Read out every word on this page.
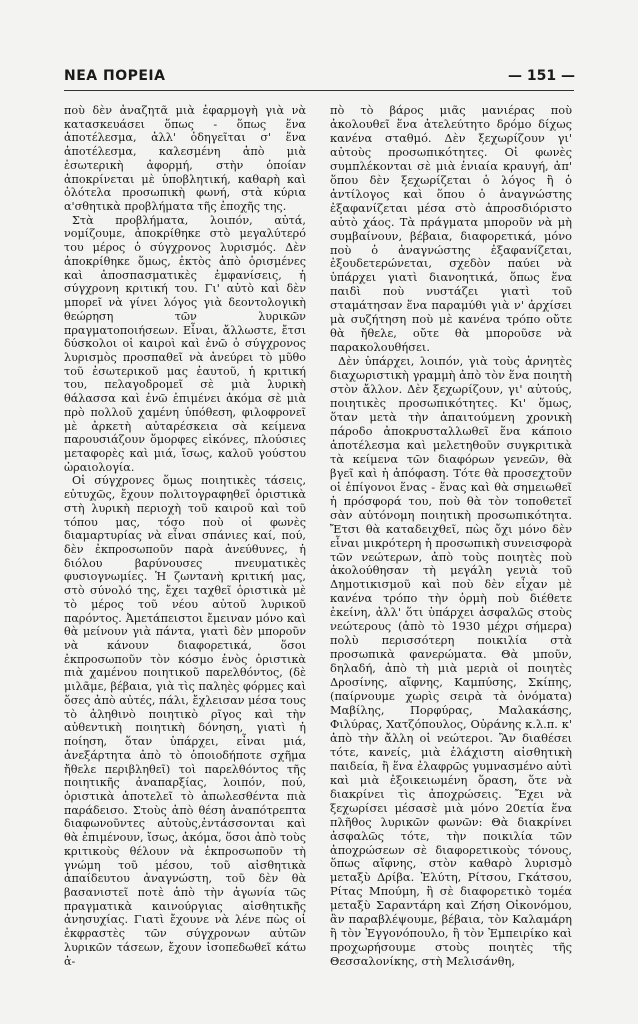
ΝΕΑ ΠΟΡΕΙΑ	— 151 —

ποὺ δὲν ἀναζητᾶ μιὰ ἐφαρμογὴ γιὰ νὰ κατασκευάσει ὅπως - ὅπως ἕνα ἀποτέλεσμα, ἀλλ' ὁδηγεῖται σ' ἕνα ἀποτέλεσμα, καλεσμένη ἀπὸ μιὰ ἐσωτερικὴ ἀφορμή, στὴν ὁποίαν ἀποκρίνεται μὲ ὑποβλητική, καθαρὴ καὶ ὁλότελα προσωπικὴ φωνή, στὰ κύρια α'σθητικὰ προβλήματα τῆς ἐποχῆς της.

Στὰ προβλήματα, λοιπόν, αὐτά, νομίζουμε, ἀποκρίθηκε στὸ μεγαλύτερό του μέρος ὁ σύγχρονος λυρισμός. Δὲν ἀποκρίθηκε ὅμως, ἐκτὸς ἀπὸ ὁρισμένες καὶ ἀποσπασματικὲς ἐμφανίσεις, ἡ σύγχρονη κριτική του. Γι' αὐτὸ καὶ δὲν μπορεῖ νὰ γίνει λόγος γιὰ δεοντολογικὴ θεώρηση τῶν λυρικῶν πραγματοποιήσεων. Εἶναι, ἄλλωστε, ἔτσι δύσκολοι οἱ καιροὶ καὶ ἐνῶ ὁ σύγχρονος λυρισμὸς προσπαθεῖ νὰ ἀνεύρει τὸ μῦθο τοῦ ἐσωτερικοῦ μας ἑαυτοῦ, ἡ κριτική του, πελαγοδρομεῖ σὲ μιὰ λυρικὴ θάλασσα καὶ ἐνῶ ἐπιμένει ἀκόμα σὲ μιὰ πρὸ πολλοῦ χαμένη ὑπόθεση, φιλοφρονεῖ μὲ ἀρκετὴ αὐταρέσκεια σὰ κείμενα παρουσιάζουν ὅμορφες εἰκόνες, πλούσιες μεταφορὲς καὶ μιά, ἴσως, καλοῦ γούστου ὡραιολογία.

Οἱ σύγχρονες ὅμως ποιητικὲς τάσεις, εὐτυχῶς, ἔχουν πολιτογραφηθεῖ ὁριστικὰ στὴ λυρικὴ περιοχὴ τοῦ καιροῦ καὶ τοῦ τόπου μας, τόσο ποὺ οἱ φωνὲς διαμαρτυρίας νὰ εἶναι σπάνιες καί, πού, δὲν ἐκπροσωποῦν παρὰ ἀνεύθυνες, ἡ διόλου βαρύνουσες πνευματικὲς φυσιογνωμίες. Ἡ ζωντανὴ κριτική μας, στὸ σύνολό της, ἔχει ταχθεῖ ὁριστικὰ μὲ τὸ μέρος τοῦ νέου αὐτοῦ λυρικοῦ παρόντος. Ἀμετάπειστοι ἔμειναν μόνο καὶ θὰ μείνουν γιὰ πάντα, γιατὶ δὲν μποροῦν νὰ κάνουν διαφορετικά, ὅσοι ἐκπροσωποῦν τὸν κόσμο ἑνὸς ὁριστικὰ πιὰ χαμένου ποιητικοῦ παρελθόντος, (δὲ μιλᾶμε, βέβαια, γιὰ τὶς παληὲς φόρμες καὶ ὅσες ἀπὸ αὐτές, πάλι, ἔχλεισαν μέσα τους τὸ ἀληθινὸ ποιητικὸ ρῖγος καὶ τὴν αὐθεντικὴ ποιητικὴ δόνηση, γιατὶ ἡ ποίηση, ὅταν ὑπάρχει, εἶναι μιά, ἀνεξάρτητα ἀπὸ τὸ ὁποιοδήποτε σχῆμα ἤθελε περιβληθεῖ) τοὶ παρελθόντος τῆς ποιητικῆς ἀναπαρξίας, λοιπόν, πού, ὁριστικὰ ἀποτελεῖ τὸ ἀπωλεσθέντα πιὰ παράδεισο. Στοὺς ἀπὸ θέση ἀναπότρεπτα διαφωνοῦντες αὐτοὺς,ἐντάσσονται καὶ θὰ ἐπιμένουν, ἴσως, ἀκόμα, ὅσοι ἀπὸ τοὺς κριτικοὺς θέλουν νὰ ἐκπροσωποῦν τὴ γνώμη τοῦ μέσου, τοῦ αἰσθητικὰ ἀπαίδευτου ἀναγνώστη, τοῦ δὲν θὰ βασανιστεῖ ποτὲ ἀπὸ τὴν ἀγωνία τῶς πραγματικὰ καινούργιας αἰσθητικῆς ἀνησυχίας. Γιατὶ ἔχουνε νὰ λένε πὼς οἱ ἐκφραστὲς τῶν σύγχρονων αὐτῶν λυρικῶν τάσεων, ἔχουν ἰσοπεδωθεῖ κάτω ἀ-

πὸ τὸ βάρος μιᾶς μανιέρας ποὺ ἀκολουθεῖ ἕνα ἀτελεύτητο δρόμο δίχως κανένα σταθμό. Δὲν ξεχωρίζουν γι' αὐτοὺς προσωπικότητες. Οἱ φωνὲς συμπλέκονται σὲ μιὰ ἑνιαία κραυγή, ἀπ' ὅπου δὲν ξεχωρίζεται ὁ λόγος ἢ ὁ ἀντίλογος καὶ ὅπου ὁ ἀναγνώστης ἐξαφανίζεται μέσα στὸ ἀπροσδιόριστο αὐτὸ χάος. Τὰ πράγματα μποροῦν νὰ μὴ συμβαίνουν, βέβαια, διαφορετικά, μόνο ποὺ ὁ ἀναγνώστης ἐξαφανίζεται, ἐξουδετερώνεται, σχεδὸν παύει νὰ ὑπάρχει γιατὶ διανοητικά, ὅπως ἕνα παιδὶ ποὺ νυστάζει γιατὶ τοῦ σταμάτησαν ἕνα παραμύθι γιὰ ν' ἀρχίσει μὰ συζήτηση ποὺ μὲ κανένα τρόπο οὔτε θὰ ἤθελε, οὔτε θὰ μποροῦσε νὰ παρακολουθήσει.

Δὲν ὑπάρχει, λοιπόν, γιὰ τοὺς ἀρνητὲς διαχωριστικὴ γραμμὴ ἀπὸ τὸν ἕνα ποιητὴ στὸν ἄλλον. Δὲν ξεχωρίζουν, γι' αὐτούς, ποιητικὲς προσωπικότητες. Κι' ὅμως, ὅταν μετὰ τὴν ἀπαιτούμενη χρονικὴ πάροδο ἀποκρυσταλλωθεῖ ἕνα κάποιο ἀποτέλεσμα καὶ μελετηθοῦν συγκριτικὰ τὰ κείμενα τῶν διαφόρων γενεῶν, θὰ βγεῖ καὶ ἡ ἀπόφαση. Τότε θὰ προσεχτοῦν οἱ ἐπίγονοι ἕνας - ἕνας καὶ θὰ σημειωθεῖ ἡ πρόσφορά του, ποὺ θὰ τὸν τοποθετεῖ σὰν αὐτόνομη ποιητικὴ προσωπικότητα. Ἔτσι θὰ καταδειχθεῖ, πὼς ὄχι μόνο δὲν εἶναι μικρότερη ἡ προσωπικὴ συνεισφορὰ τῶν νεώτερων, ἀπὸ τοὺς ποιητὲς ποὺ ἀκολούθησαν τὴ μεγάλη γενιὰ τοῦ Δημοτικισμοῦ καὶ ποὺ δὲν εἶχαν μὲ κανένα τρόπο τὴν ὁρμὴ ποὺ διέθετε ἐκείνη, ἀλλ' ὅτι ὑπάρχει ἀσφαλῶς στοὺς νεώτερους (ἀπὸ τὸ 1930 μέχρι σήμερα) πολὺ περισσότερη ποικιλία στὰ προσωπικὰ φανερώματα. Θὰ μποῦν, δηλαδή, ἀπὸ τὴ μιὰ μεριὰ οἱ ποιητὲς Δροσίνης, αἴφνης, Καμπύσης, Σκίπης, (παίρνουμε χωρὶς σειρὰ τὰ ὀνόματα) Μαβίλης, Πορφύρας, Μαλακάσης, Φιλύρας, Χατζόπουλος, Οὐράνης κ.λ.π. κ' ἀπὸ τὴν ἄλλη οἱ νεώτεροι. Ἂν διαθέσει τότε, κανείς, μιὰ ἐλάχιστη αἰσθητικὴ παιδεία, ἢ ἕνα ἐλαφρῶς γυμνασμένο αὐτὶ καὶ μιὰ ἐξοικειωμένη ὅραση, ὅτε νὰ διακρίνει τὶς ἀποχρώσεις. Ἔχει νὰ ξεχωρίσει μέσασὲ μιὰ μόνο 20ετία ἕνα πλῆθος λυρικῶν φωνῶν: Θὰ διακρίνει ἀσφαλῶς τότε, τὴν ποικιλία τῶν ἀποχρώσεων σὲ διαφορετικοὺς τόνους, ὅπως αἴφνης, στὸν καθαρὸ λυρισμὸ μεταξὺ Δρίβα. Ἐλύτη, Ρίτσου, Γκάτσου, Ρίτας Μπούμη, ἢ σὲ διαφορετικὸ τομέα μεταξὺ Σαραντάρη καὶ Ζήση Οἰκονόμου, ἂν παραβλέψουμε, βέβαια, τὸν Καλαμάρη ἢ τὸν Ἐγγονόπουλο, ἢ τὸν Ἐμπειρίκο καὶ προχωρήσουμε στοὺς ποιητὲς τῆς Θεσσαλονίκης, στὴ Μελισάνθη,
